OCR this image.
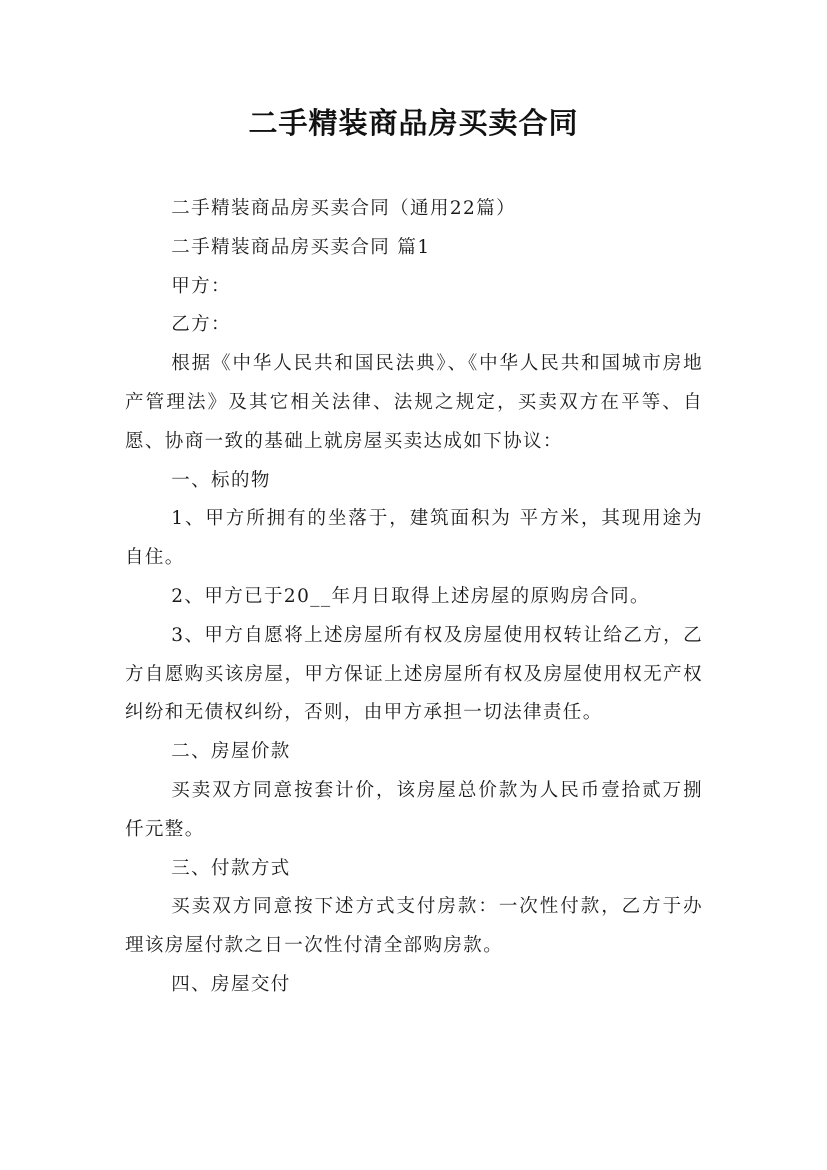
二手精装商品房买卖合同

二手精装商品房买卖合同（通用22篇）

二手精装商品房买卖合同 篇1

甲方：

乙方：

根据《中华人民共和国民法典》、《中华人民共和国城市房地产管理法》及其它相关法律、法规之规定，买卖双方在平等、自愿、协商一致的基础上就房屋买卖达成如下协议：

一、标的物

1、甲方所拥有的坐落于，建筑面积为 平方米，其现用途为自住。

2、甲方已于20__年月日取得上述房屋的原购房合同。

3、甲方自愿将上述房屋所有权及房屋使用权转让给乙方，乙方自愿购买该房屋，甲方保证上述房屋所有权及房屋使用权无产权纠纷和无债权纠纷，否则，由甲方承担一切法律责任。

二、房屋价款

买卖双方同意按套计价，该房屋总价款为人民币壹拾贰万捌仟元整。

三、付款方式

买卖双方同意按下述方式支付房款：一次性付款，乙方于办理该房屋付款之日一次性付清全部购房款。

四、房屋交付
